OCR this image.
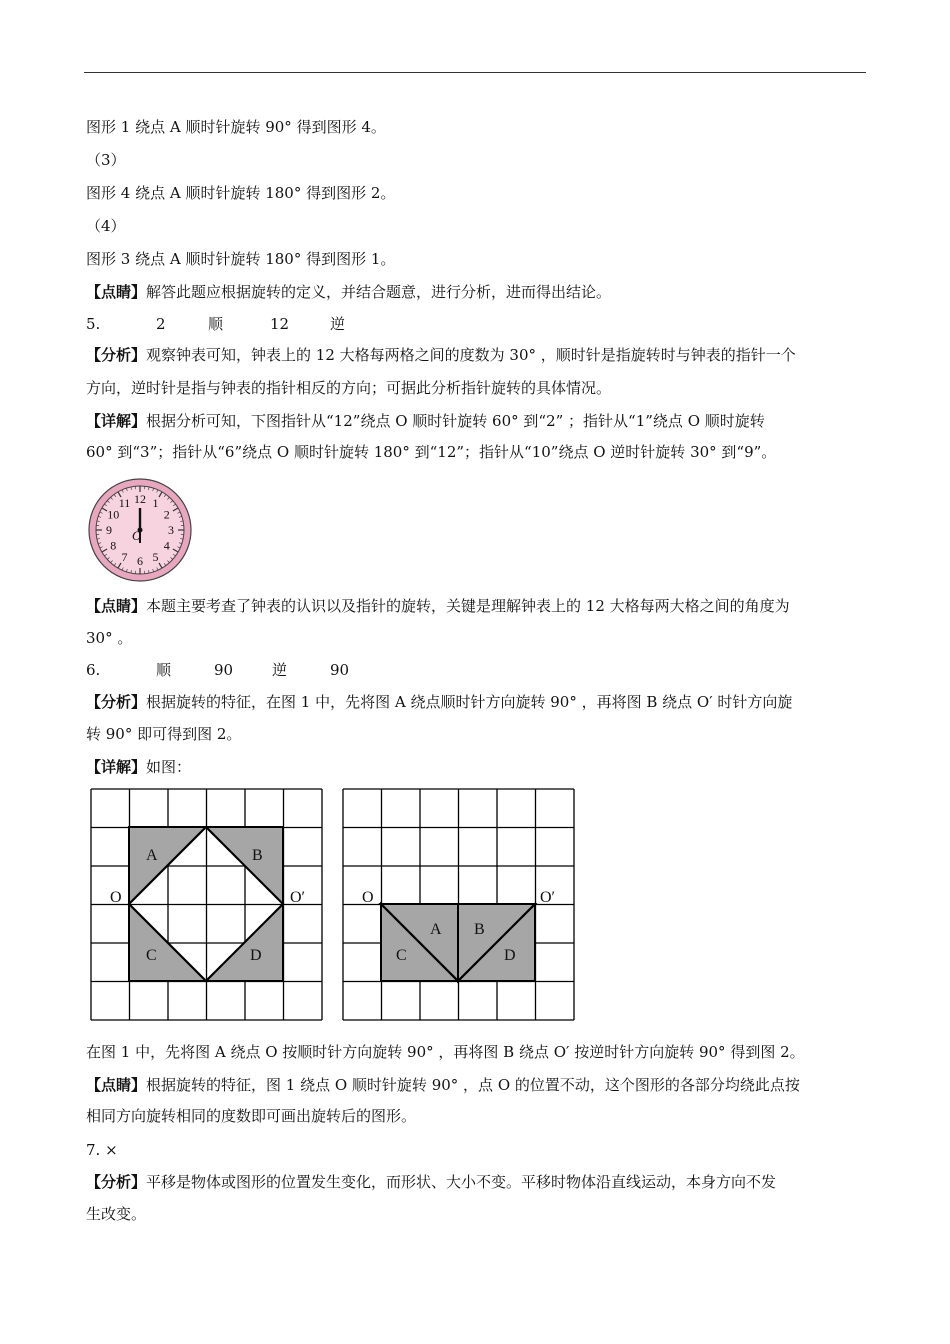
图形 1 绕点 A 顺时针旋转 90° 得到图形 4。
（3）
图形 4 绕点 A 顺时针旋转 180° 得到图形 2。
（4）
图形 3 绕点 A 顺时针旋转 180° 得到图形 1。
【点睛】解答此题应根据旋转的定义，并结合题意，进行分析，进而得出结论。
5.	2	顺	12	逆
【分析】观察钟表可知，钟表上的 12 大格每两格之间的度数为 30° ，顺时针是指旋转时与钟表的指针一个
方向，逆时针是指与钟表的指针相反的方向；可据此分析指针旋转的具体情况。
【详解】根据分析可知，下图指针从“12”绕点 O 顺时针旋转 60° 到“2” ；指针从“1”绕点 O 顺时旋转
60° 到“3”；指针从“6”绕点 O 顺时针旋转 180° 到“12”；指针从“10”绕点 O 逆时针旋转 30° 到“9”。
12 1
2
3
4
5
6
7
8
9
10
11
O
【点睛】本题主要考查了钟表的认识以及指针的旋转，关键是理解钟表上的 12 大格每两大格之间的角度为
30° 。
6.	顺	90	逆	90
【分析】根据旋转的特征，在图 1 中，先将图 A 绕点顺时针方向旋转 90° ，再将图 B 绕点 O′ 时针方向旋
转 90° 即可得到图 2。
【详解】如图：
A	B
C	D
O	O′
A B
C	D
O	O′
在图 1 中，先将图 A 绕点 O 按顺时针方向旋转 90° ，再将图 B 绕点 O′ 按逆时针方向旋转 90° 得到图 2。
【点睛】根据旋转的特征，图 1 绕点 O 顺时针旋转 90° ，点 O 的位置不动，这个图形的各部分均绕此点按
相同方向旋转相同的度数即可画出旋转后的图形。
7. ×
【分析】平移是物体或图形的位置发生变化，而形状、大小不变。平移时物体沿直线运动，本身方向不发
生改变。
